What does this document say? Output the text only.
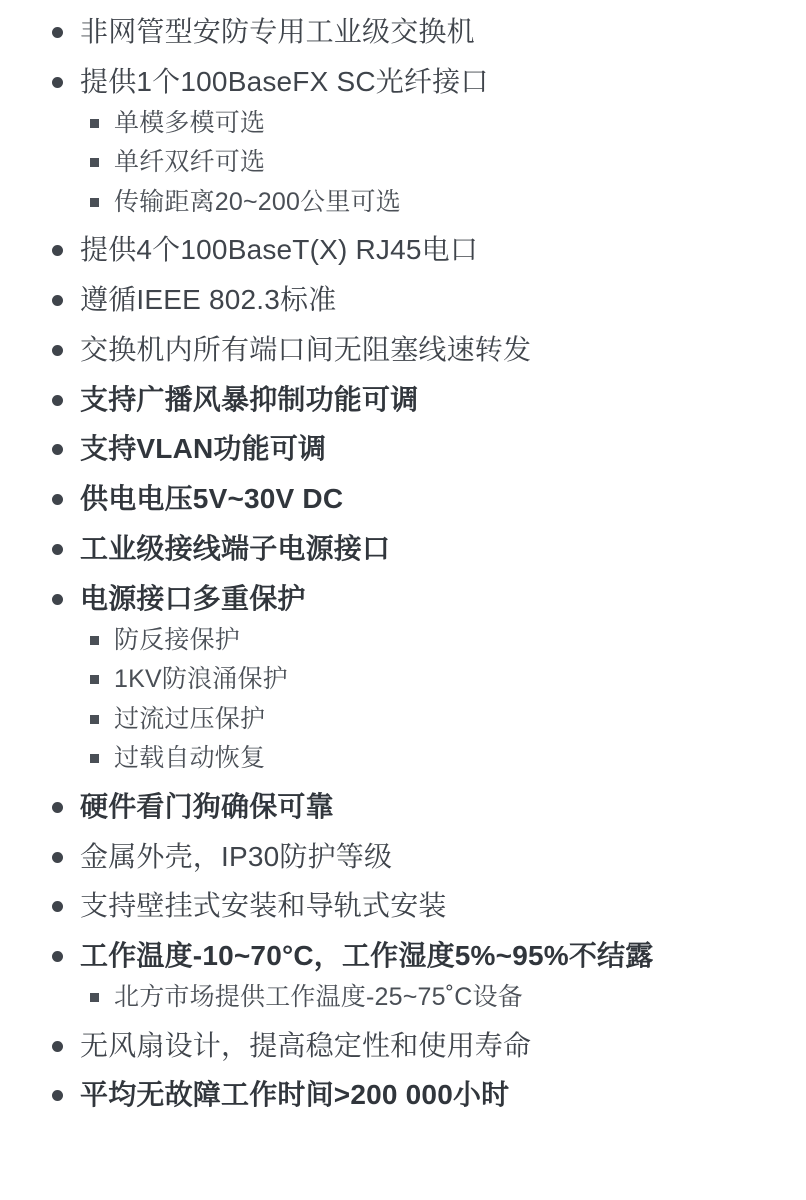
非网管型安防专用工业级交换机
提供1个100BaseFX SC光纤接口
单模多模可选
单纤双纤可选
传输距离20~200公里可选
提供4个100BaseT(X) RJ45电口
遵循IEEE 802.3标准
交换机内所有端口间无阻塞线速转发
支持广播风暴抑制功能可调
支持VLAN功能可调
供电电压5V~30V DC
工业级接线端子电源接口
电源接口多重保护
防反接保护
1KV防浪涌保护
过流过压保护
过载自动恢复
硬件看门狗确保可靠
金属外壳，IP30防护等级
支持壁挂式安装和导轨式安装
工作温度-10~70°C，工作湿度5%~95%不结露
北方市场提供工作温度-25~75˚C设备
无风扇设计，提高稳定性和使用寿命
平均无故障工作时间>200 000小时
